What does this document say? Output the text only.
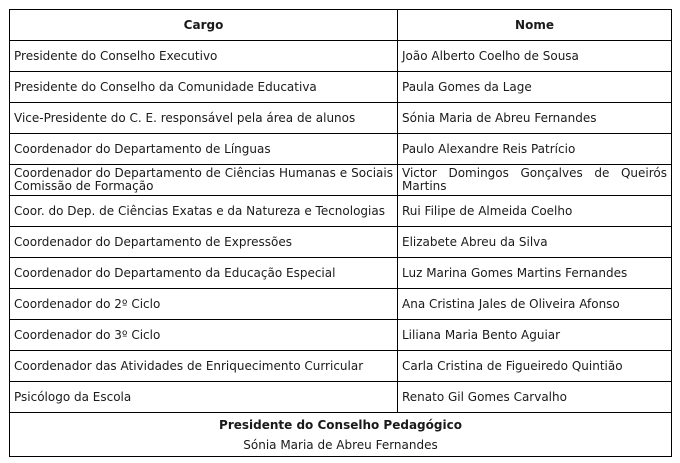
Cargo	Nome
Presidente do Conselho Executivo	João Alberto Coelho de Sousa
Presidente do Conselho da Comunidade Educativa	Paula Gomes da Lage
Vice-Presidente do C. E. responsável pela área de alunos	Sónia Maria de Abreu Fernandes
Coordenador do Departamento de Línguas	Paulo Alexandre Reis Patrício
Coordenador do Departamento de Ciências Humanas e Sociais Comissão de Formação	Victor Domingos Gonçalves de Queirós Martins
Coor. do Dep. de Ciências Exatas e da Natureza e Tecnologias	Rui Filipe de Almeida Coelho
Coordenador do Departamento de Expressões	Elizabete Abreu da Silva
Coordenador do Departamento da Educação Especial	Luz Marina Gomes Martins Fernandes
Coordenador do 2º Ciclo	Ana Cristina Jales de Oliveira Afonso
Coordenador do 3º Ciclo	Liliana Maria Bento Aguiar
Coordenador das Atividades de Enriquecimento Curricular	Carla Cristina de Figueiredo Quintião
Psicólogo da Escola	Renato Gil Gomes Carvalho

Presidente do Conselho Pedagógico
Sónia Maria de Abreu Fernandes	
